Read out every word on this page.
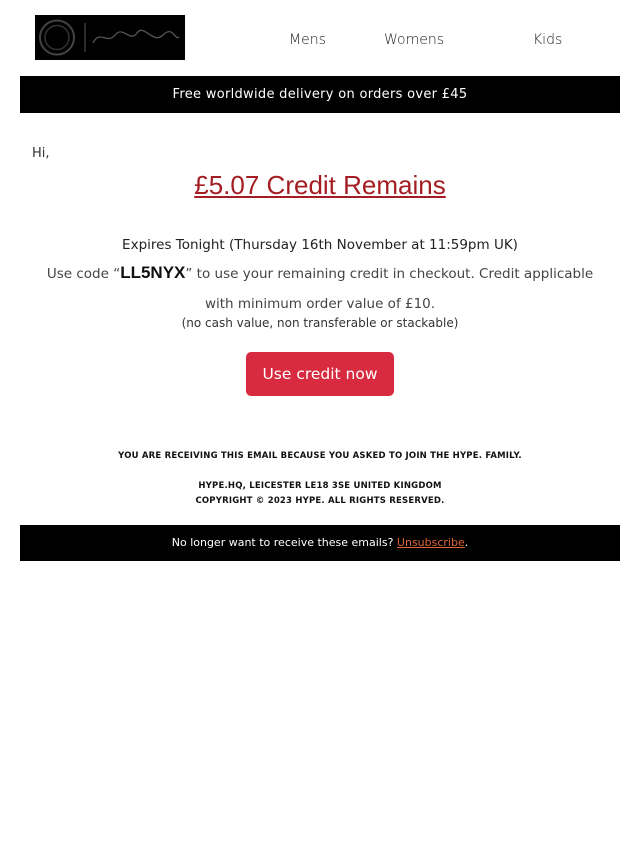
Mens	Womens	Kids
Free worldwide delivery on orders over £45
Hi,
£5.07 Credit Remains
Expires Tonight (Thursday 16th November at 11:59pm UK)
Use code “LL5NYX” to use your remaining credit in checkout. Credit applicable with minimum order value of £10.
(no cash value, non transferable or stackable)
Use credit now
YOU ARE RECEIVING THIS EMAIL BECAUSE YOU ASKED TO JOIN THE HYPE. FAMILY.
HYPE.HQ, LEICESTER LE18 3SE UNITED KINGDOM
COPYRIGHT © 2023 HYPE. ALL RIGHTS RESERVED.
No longer want to receive these emails? Unsubscribe.
